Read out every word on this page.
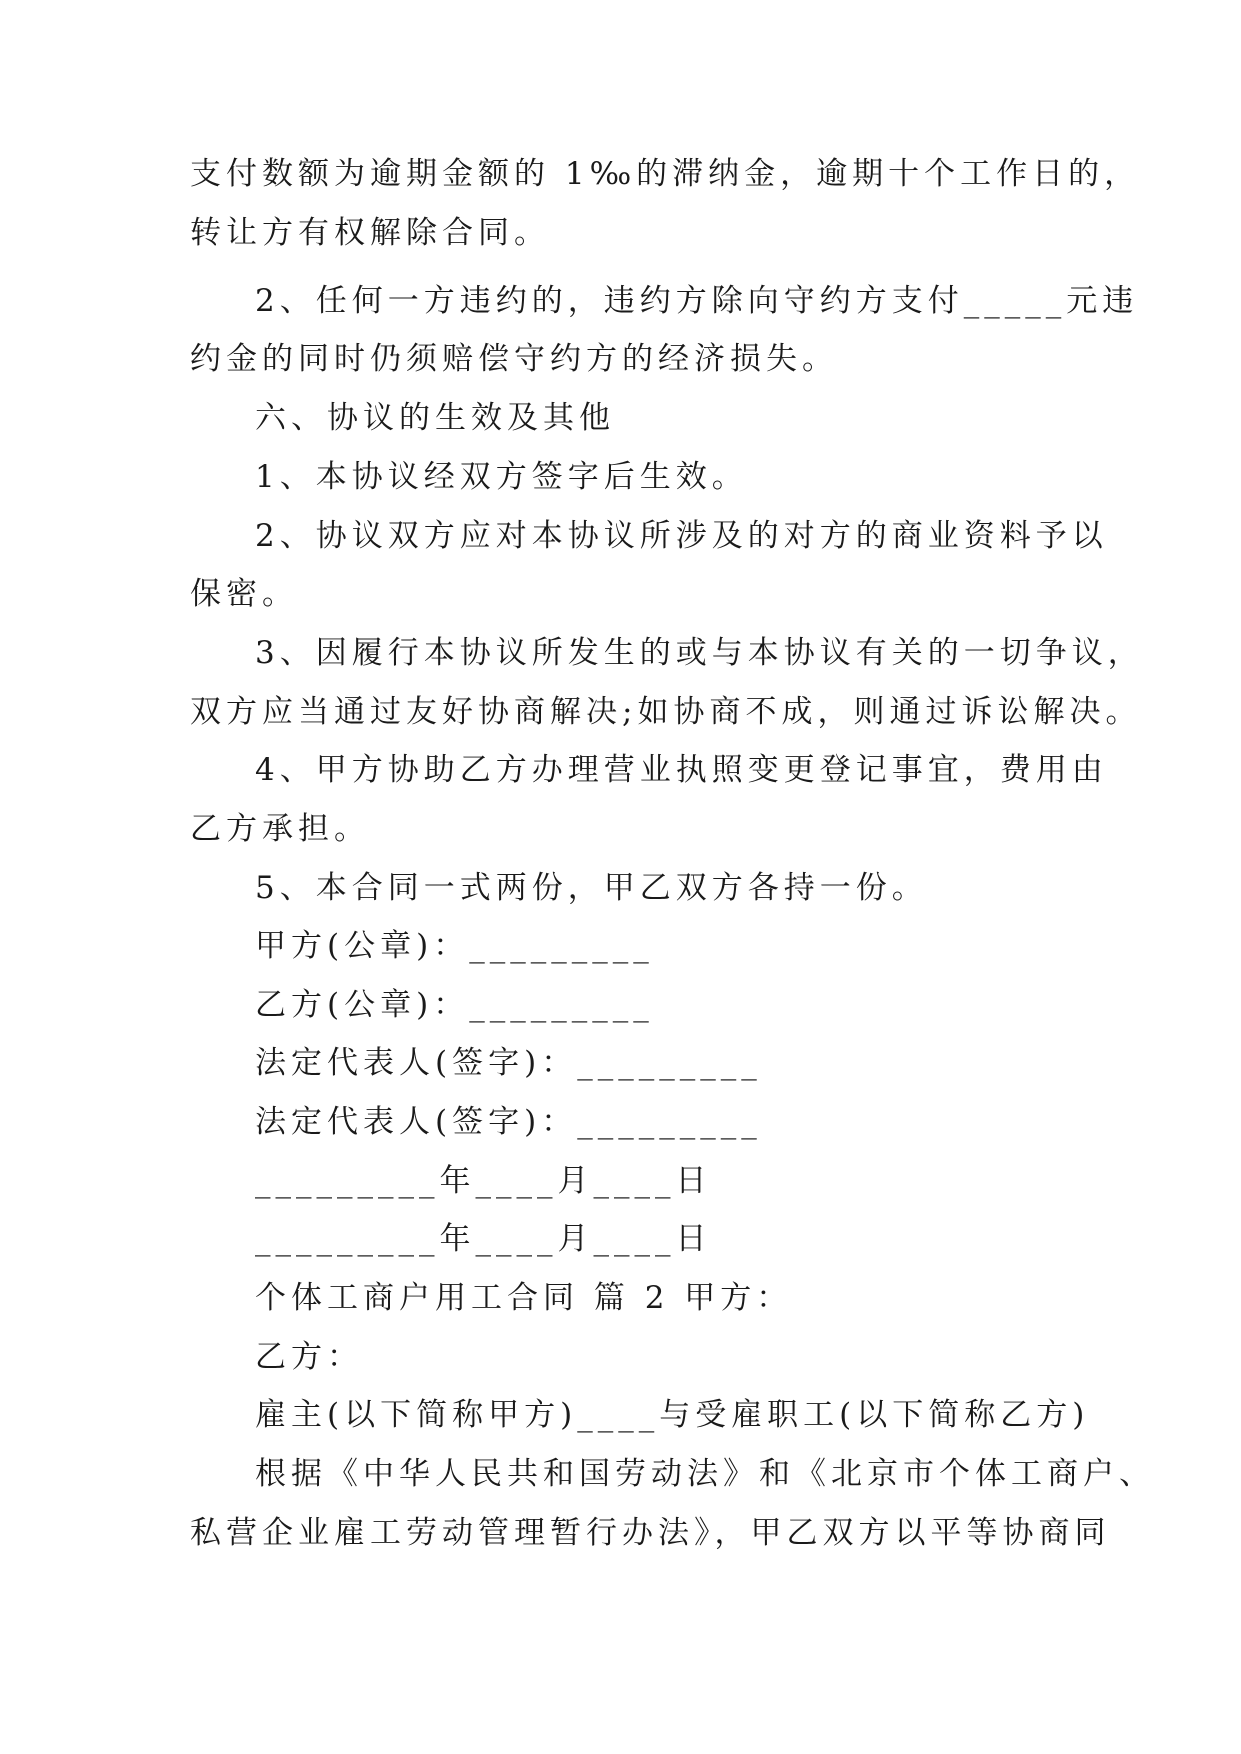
支付数额为逾期金额的 1‰的滞纳金，逾期十个工作日的，
转让方有权解除合同。
2、任何一方违约的，违约方除向守约方支付_____元违
约金的同时仍须赔偿守约方的经济损失。
六、协议的生效及其他
1、本协议经双方签字后生效。
2、协议双方应对本协议所涉及的对方的商业资料予以
保密。
3、因履行本协议所发生的或与本协议有关的一切争议，
双方应当通过友好协商解决;如协商不成，则通过诉讼解决。
4、甲方协助乙方办理营业执照变更登记事宜，费用由
乙方承担。
5、本合同一式两份，甲乙双方各持一份。
甲方(公章)：_________
乙方(公章)：_________
法定代表人(签字)：_________
法定代表人(签字)：_________
_________年____月____日
_________年____月____日
个体工商户用工合同 篇 2 甲方：
乙方：
雇主(以下简称甲方)____与受雇职工(以下简称乙方)
根据《中华人民共和国劳动法》和《北京市个体工商户、
私营企业雇工劳动管理暂行办法》，甲乙双方以平等协商同
